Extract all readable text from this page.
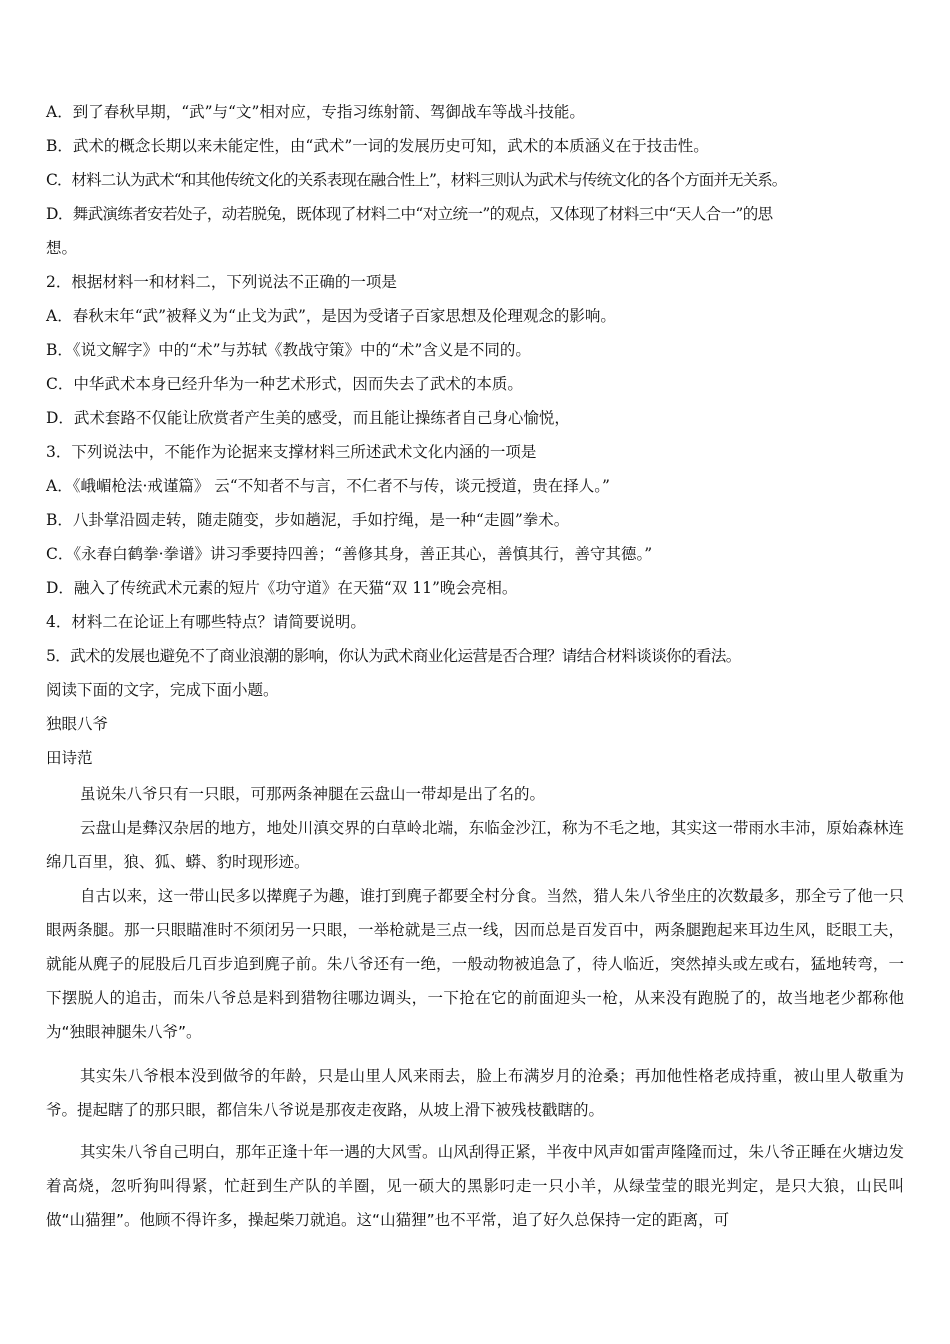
A．到了春秋早期，“武”与“文”相对应，专指习练射箭、驾御战车等战斗技能。
B．武术的概念长期以来未能定性，由“武术”一词的发展历史可知，武术的本质涵义在于技击性。
C．材料二认为武术“和其他传统文化的关系表现在融合性上”，材料三则认为武术与传统文化的各个方面并无关系。
D．舞武演练者安若处子，动若脱兔，既体现了材料二中“对立统一”的观点，又体现了材料三中“天人合一”的思
想。
2．根据材料一和材料二，下列说法不正确的一项是
A．春秋末年“武”被释义为“止戈为武”，是因为受诸子百家思想及伦理观念的影响。
B．《说文解字》中的“术”与苏轼《教战守策》中的“术”含义是不同的。
C．中华武术本身已经升华为一种艺术形式，因而失去了武术的本质。
D．武术套路不仅能让欣赏者产生美的感受，而且能让操练者自己身心愉悦，
3．下列说法中，不能作为论据来支撑材料三所述武术文化内涵的一项是
A．《峨嵋枪法·戒谨篇》 云“不知者不与言，不仁者不与传，谈元授道，贵在择人。”
B．八卦掌沿圆走转，随走随变，步如趟泥，手如拧绳，是一种“走圆”拳术。
C．《永春白鹤拳·拳谱》讲习季要持四善；“善修其身，善正其心，善慎其行，善守其德。”
D．融入了传统武术元素的短片《功守道》在天猫“双 11”晚会亮相。
4．材料二在论证上有哪些特点？请简要说明。
5．武术的发展也避免不了商业浪潮的影响，你认为武术商业化运营是否合理？请结合材料谈谈你的看法。
阅读下面的文字，完成下面小题。
独眼八爷
田诗范
虽说朱八爷只有一只眼，可那两条神腿在云盘山一带却是出了名的。
云盘山是彝汉杂居的地方，地处川滇交界的白草岭北端，东临金沙江，称为不毛之地，其实这一带雨水丰沛，原始森林连绵几百里，狼、狐、蟒、豹时现形迹。
自古以来，这一带山民多以撵麂子为趣，谁打到麂子都要全村分食。当然，猎人朱八爷坐庄的次数最多，那全亏了他一只眼两条腿。那一只眼瞄准时不须闭另一只眼，一举枪就是三点一线，因而总是百发百中，两条腿跑起来耳边生风，眨眼工夫，就能从麂子的屁股后几百步追到麂子前。朱八爷还有一绝，一般动物被追急了，待人临近，突然掉头或左或右，猛地转弯，一下摆脱人的追击，而朱八爷总是料到猎物往哪边调头，一下抢在它的前面迎头一枪，从来没有跑脱了的，故当地老少都称他为“独眼神腿朱八爷”。
其实朱八爷根本没到做爷的年龄，只是山里人风来雨去，脸上布满岁月的沧桑；再加他性格老成持重，被山里人敬重为爷。提起瞎了的那只眼，都信朱八爷说是那夜走夜路，从坡上滑下被残枝戳瞎的。
其实朱八爷自己明白，那年正逢十年一遇的大风雪。山风刮得正紧，半夜中风声如雷声隆隆而过，朱八爷正睡在火塘边发着高烧，忽听狗叫得紧，忙赶到生产队的羊圈，见一硕大的黑影叼走一只小羊，从绿莹莹的眼光判定，是只大狼，山民叫做“山猫狸”。他顾不得许多，操起柴刀就追。这“山猫狸”也不平常，追了好久总保持一定的距离，可
